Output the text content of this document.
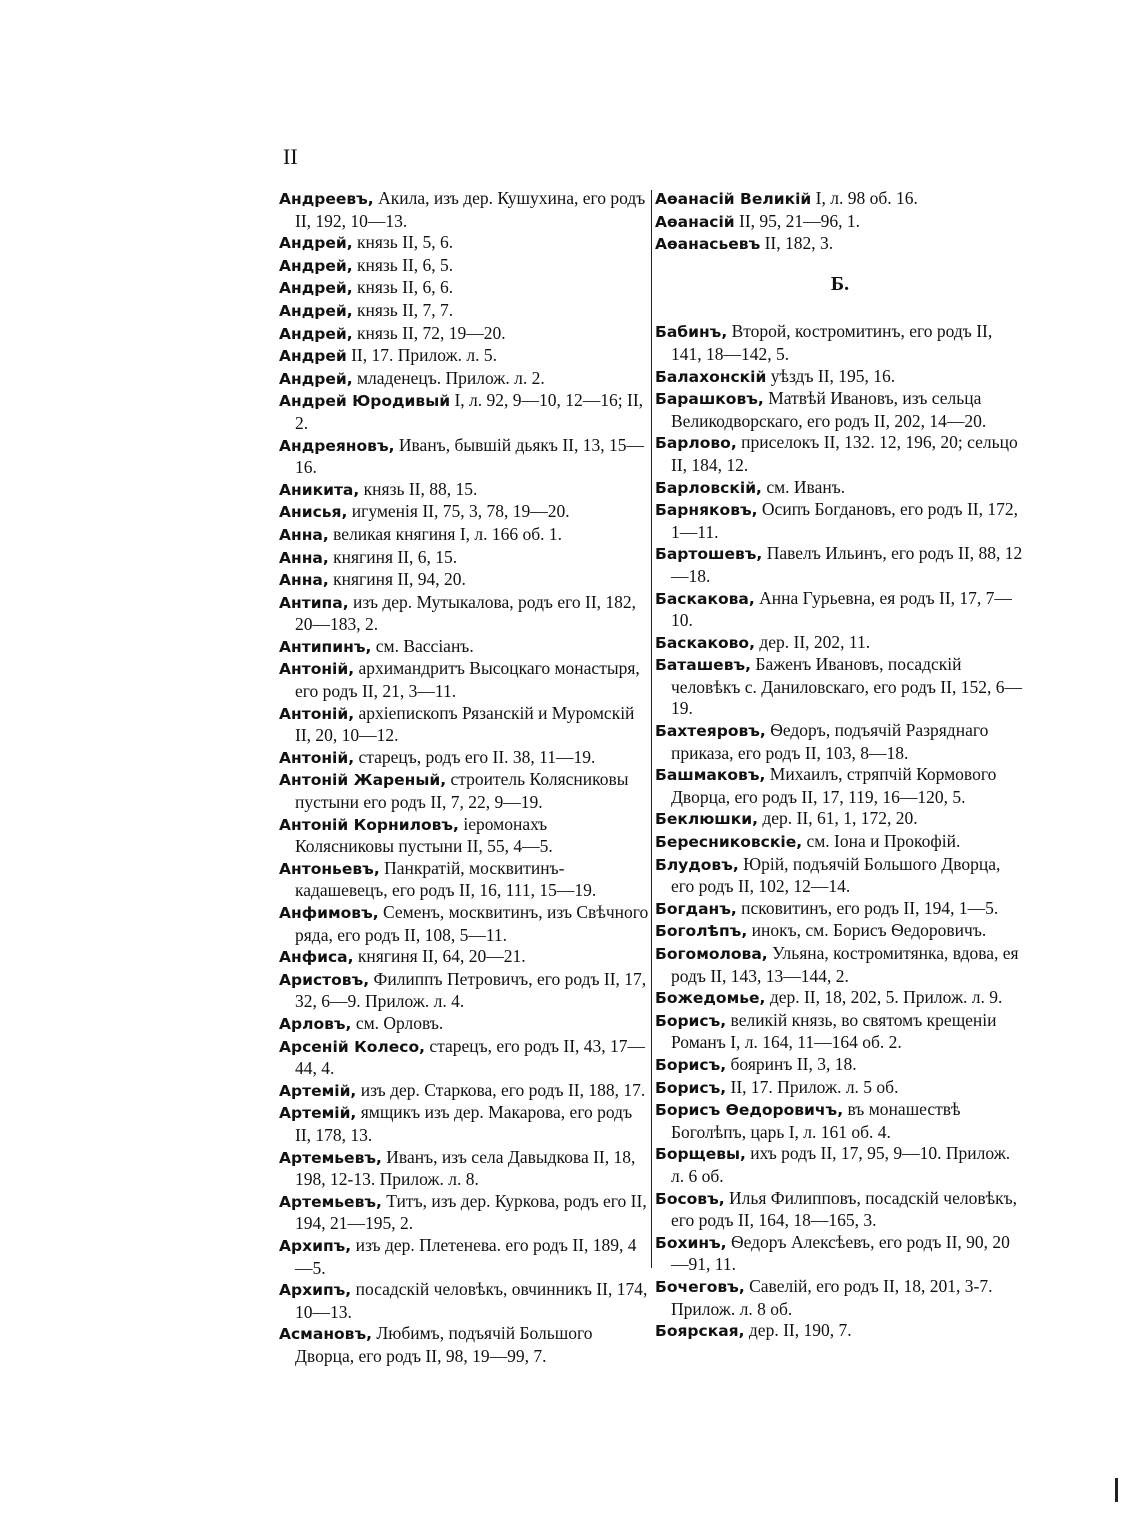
II

Андреевъ, Акила, изъ дер. Кушухина, его родъ II, 192, 10—13.

Андрей, князь II, 5, 6.

Андрей, князь II, 6, 5.

Андрей, князь II, 6, 6.

Андрей, князь II, 7, 7.

Андрей, князь II, 72, 19—20.

Андрей II, 17. Прилож. л. 5.

Андрей, младенецъ. Прилож. л. 2.

Андрей Юродивый I, л. 92, 9—10, 12—16; II, 2.

Андреяновъ, Иванъ, бывшій дьякъ II, 13, 15—16.

Аникита, князь II, 88, 15.

Анисья, игуменія II, 75, 3, 78, 19—20.

Анна, великая княгиня I, л. 166 об. 1.

Анна, княгиня II, 6, 15.

Анна, княгиня II, 94, 20.

Антипа, изъ дер. Мутыкалова, родъ его II, 182, 20—183, 2.

Антипинъ, см. Вассіанъ.

Антоній, архимандритъ Высоцкаго монастыря, его родъ II, 21, 3—11.

Антоній, архіепископъ Рязанскій и Муромскій II, 20, 10—12.

Антоній, старецъ, родъ его II. 38, 11—19.

Антоній Жареный, строитель Колясниковы пустыни его родъ II, 7, 22, 9—19.

Антоній Корниловъ, іеромонахъ Колясниковы пустыни II, 55, 4—5.

Антоньевъ, Панкратій, москвитинъ-кадашевецъ, его родъ II, 16, 111, 15—19.

Анфимовъ, Семенъ, москвитинъ, изъ Свѣчного ряда, его родъ II, 108, 5—11.

Анфиса, княгиня II, 64, 20—21.

Аристовъ, Филиппъ Петровичъ, его родъ II, 17, 32, 6—9. Прилож. л. 4.

Арловъ, см. Орловъ.

Арсеній Колесо, старецъ, его родъ II, 43, 17—44, 4.

Артемій, изъ дер. Старкова, его родъ II, 188, 17.

Артемій, ямщикъ изъ дер. Макарова, его родъ II, 178, 13.

Артемьевъ, Иванъ, изъ села Давыдкова II, 18, 198, 12-13. Прилож. л. 8.

Артемьевъ, Титъ, изъ дер. Куркова, родъ его II, 194, 21—195, 2.

Архипъ, изъ дер. Плетенева. его родъ II, 189, 4—5.

Архипъ, посадскій человѣкъ, овчинникъ II, 174, 10—13.

Асмановъ, Любимъ, подъячій Большого Дворца, его родъ II, 98, 19—99, 7.

Аѳанасій Великій I, л. 98 об. 16.

Аѳанасій II, 95, 21—96, 1.

Аѳанасьевъ II, 182, 3.

Б.

Бабинъ, Второй, костромитинъ, его родъ II, 141, 18—142, 5.

Балахонскій уѣздъ II, 195, 16.

Барашковъ, Матвѣй Ивановъ, изъ сельца Великодворскаго, его родъ II, 202, 14—20.

Барлово, приселокъ II, 132. 12, 196, 20; сельцо II, 184, 12.

Барловскій, см. Иванъ.

Барняковъ, Осипъ Богдановъ, его родъ II, 172, 1—11.

Бартошевъ, Павелъ Ильинъ, его родъ II, 88, 12—18.

Баскакова, Анна Гурьевна, ея родъ II, 17, 7—10.

Баскаково, дер. II, 202, 11.

Баташевъ, Баженъ Ивановъ, посадскій человѣкъ с. Даниловскаго, его родъ II, 152, 6—19.

Бахтеяровъ, Ѳедоръ, подъячій Разряднаго приказа, его родъ II, 103, 8—18.

Башмаковъ, Михаилъ, стряпчій Кормового Дворца, его родъ II, 17, 119, 16—120, 5.

Беклюшки, дер. II, 61, 1, 172, 20.

Бересниковскіе, см. Іона и Прокофій.

Блудовъ, Юрій, подъячій Большого Дворца, его родъ II, 102, 12—14.

Богданъ, псковитинъ, его родъ II, 194, 1—5.

Боголѣпъ, инокъ, см. Борисъ Ѳедоровичъ.

Богомолова, Ульяна, костромитянка, вдова, ея родъ II, 143, 13—144, 2.

Божедомье, дер. II, 18, 202, 5. Прилож. л. 9.

Борисъ, великій князь, во святомъ крещеніи Романъ I, л. 164, 11—164 об. 2.

Борисъ, бояринъ II, 3, 18.

Борисъ, II, 17. Прилож. л. 5 об.

Борисъ Ѳедоровичъ, въ монашествѣ Боголѣпъ, царь I, л. 161 об. 4.

Борщевы, ихъ родъ II, 17, 95, 9—10. Прилож. л. 6 об.

Босовъ, Илья Филипповъ, посадскій человѣкъ, его родъ II, 164, 18—165, 3.

Бохинъ, Ѳедоръ Алексѣевъ, его родъ II, 90, 20—91, 11.

Бочеговъ, Савелій, его родъ II, 18, 201, 3-7. Прилож. л. 8 об.

Боярская, дер. II, 190, 7.
